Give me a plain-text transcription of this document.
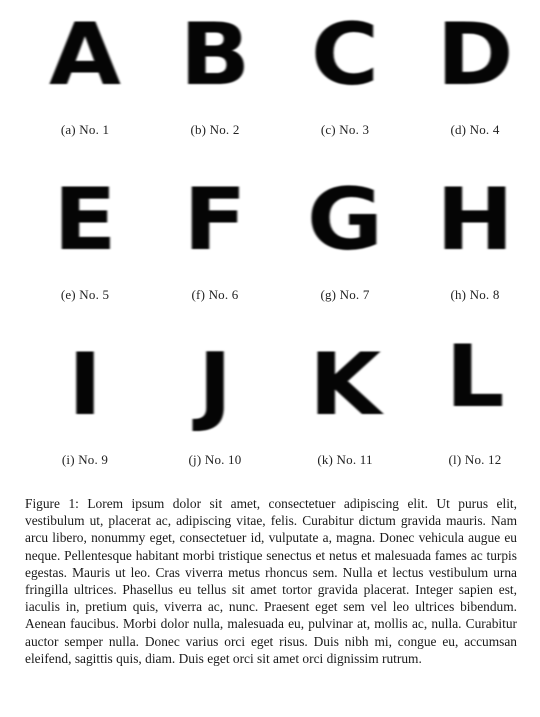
A
(a) No. 1
B
(b) No. 2
C
(c) No. 3
D
(d) No. 4
E
(e) No. 5
F
(f) No. 6
G
(g) No. 7
H
(h) No. 8
I
(i) No. 9
J
(j) No. 10
K
(k) No. 11
L
(l) No. 12
Figure 1: Lorem ipsum dolor sit amet, consectetuer adipiscing elit. Ut purus elit, vestibulum ut, placerat ac, adipiscing vitae, felis. Curabitur dictum gravida mauris. Nam arcu libero, nonummy eget, consectetuer id, vulputate a, magna. Donec vehicula augue eu neque. Pellentesque habitant morbi tristique senectus et netus et malesuada fames ac turpis egestas. Mauris ut leo. Cras viverra metus rhoncus sem. Nulla et lectus vestibulum urna fringilla ultrices. Phasellus eu tellus sit amet tortor gravida placerat. Integer sapien est, iaculis in, pretium quis, viverra ac, nunc. Praesent eget sem vel leo ultrices bibendum. Aenean faucibus. Morbi dolor nulla, malesuada eu, pulvinar at, mollis ac, nulla. Curabitur auctor semper nulla. Donec varius orci eget risus. Duis nibh mi, congue eu, accumsan eleifend, sagittis quis, diam. Duis eget orci sit amet orci dignissim rutrum.
